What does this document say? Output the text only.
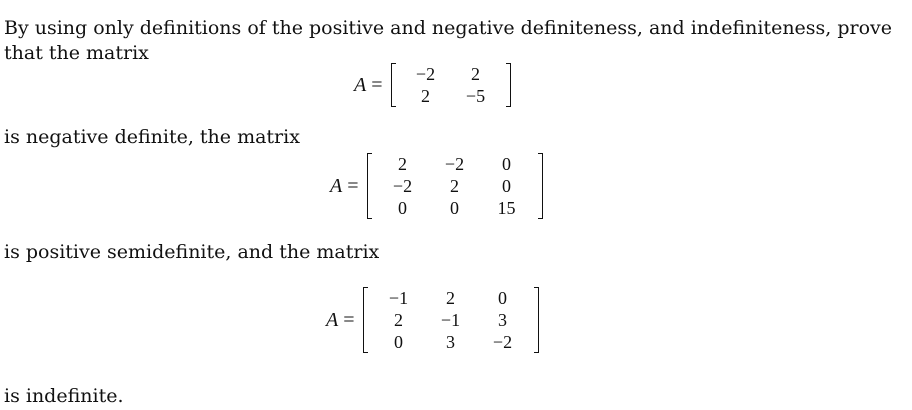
By using only definitions of the positive and negative definiteness, and indefiniteness, prove
that the matrix
A = −2	2
2	−5
is negative definite, the matrix
A =
2	−2	0
−2	2	0
0	0	15
is positive semidefinite, and the matrix
A =
−1	2	0
2	−1	3
0	3	−2
is indefinite.
